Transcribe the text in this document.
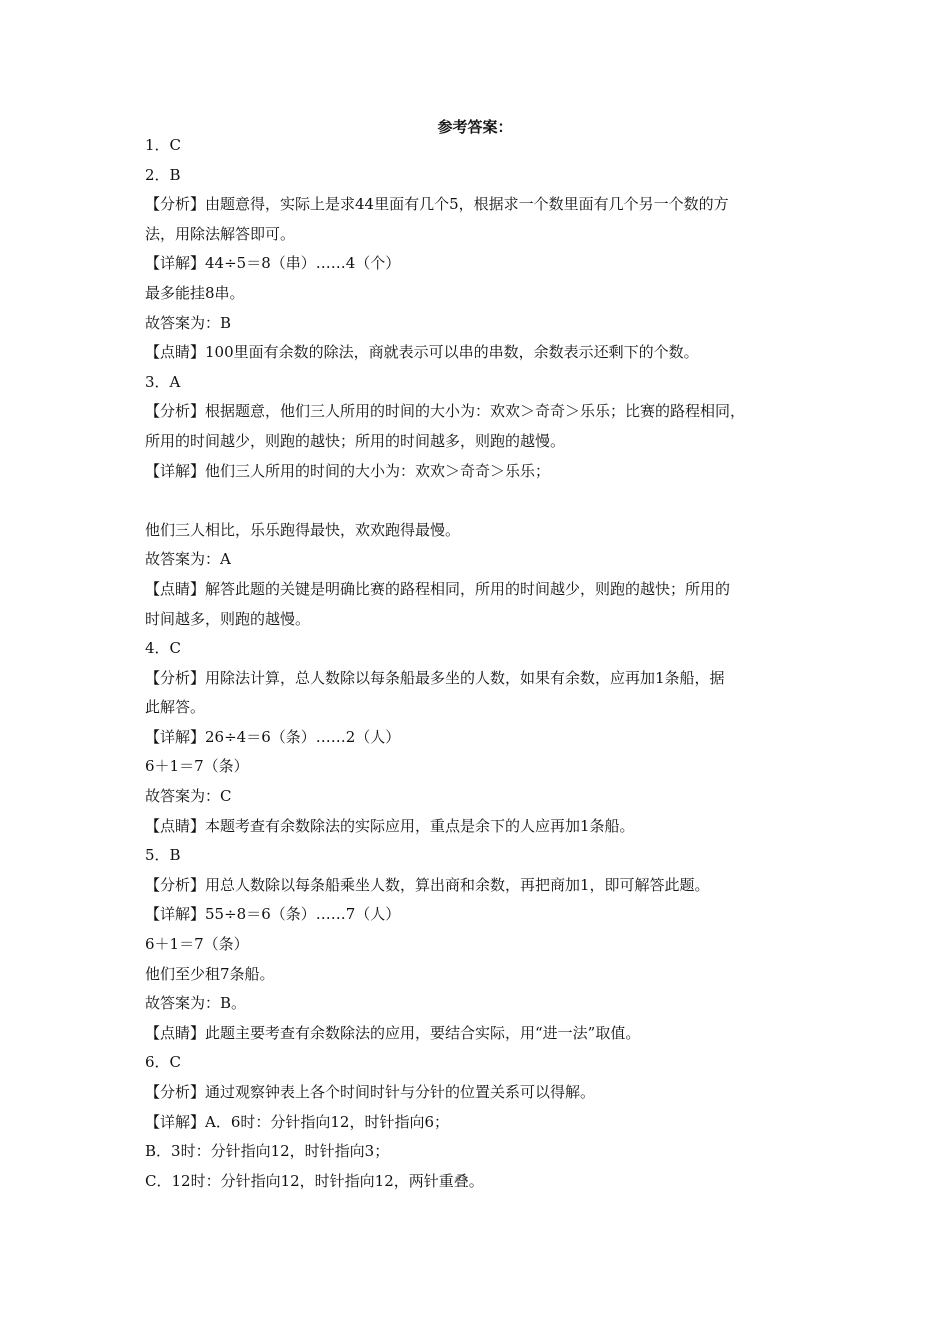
参考答案：
1．C
2．B
【分析】由题意得，实际上是求44里面有几个5，根据求一个数里面有几个另一个数的方
法，用除法解答即可。
【详解】44÷5＝8（串）……4（个）
最多能挂8串。
故答案为：B
【点睛】100里面有余数的除法，商就表示可以串的串数，余数表示还剩下的个数。
3．A
【分析】根据题意，他们三人所用的时间的大小为：欢欢＞奇奇＞乐乐；比赛的路程相同，
所用的时间越少，则跑的越快；所用的时间越多，则跑的越慢。
【详解】他们三人所用的时间的大小为：欢欢＞奇奇＞乐乐；
他们三人相比，乐乐跑得最快，欢欢跑得最慢。
故答案为：A
【点睛】解答此题的关键是明确比赛的路程相同，所用的时间越少，则跑的越快；所用的
时间越多，则跑的越慢。
4．C
【分析】用除法计算，总人数除以每条船最多坐的人数，如果有余数，应再加1条船，据
此解答。
【详解】26÷4＝6（条）……2（人）
6＋1＝7（条）
故答案为：C
【点睛】本题考查有余数除法的实际应用，重点是余下的人应再加1条船。
5．B
【分析】用总人数除以每条船乘坐人数，算出商和余数，再把商加1，即可解答此题。
【详解】55÷8＝6（条）……7（人）
6＋1＝7（条）
他们至少租7条船。
故答案为：B。
【点睛】此题主要考查有余数除法的应用，要结合实际，用“进一法”取值。
6．C
【分析】通过观察钟表上各个时间时针与分针的位置关系可以得解。
【详解】A．6时：分针指向12，时针指向6；
B．3时：分针指向12，时针指向3；
C．12时：分针指向12，时针指向12，两针重叠。
